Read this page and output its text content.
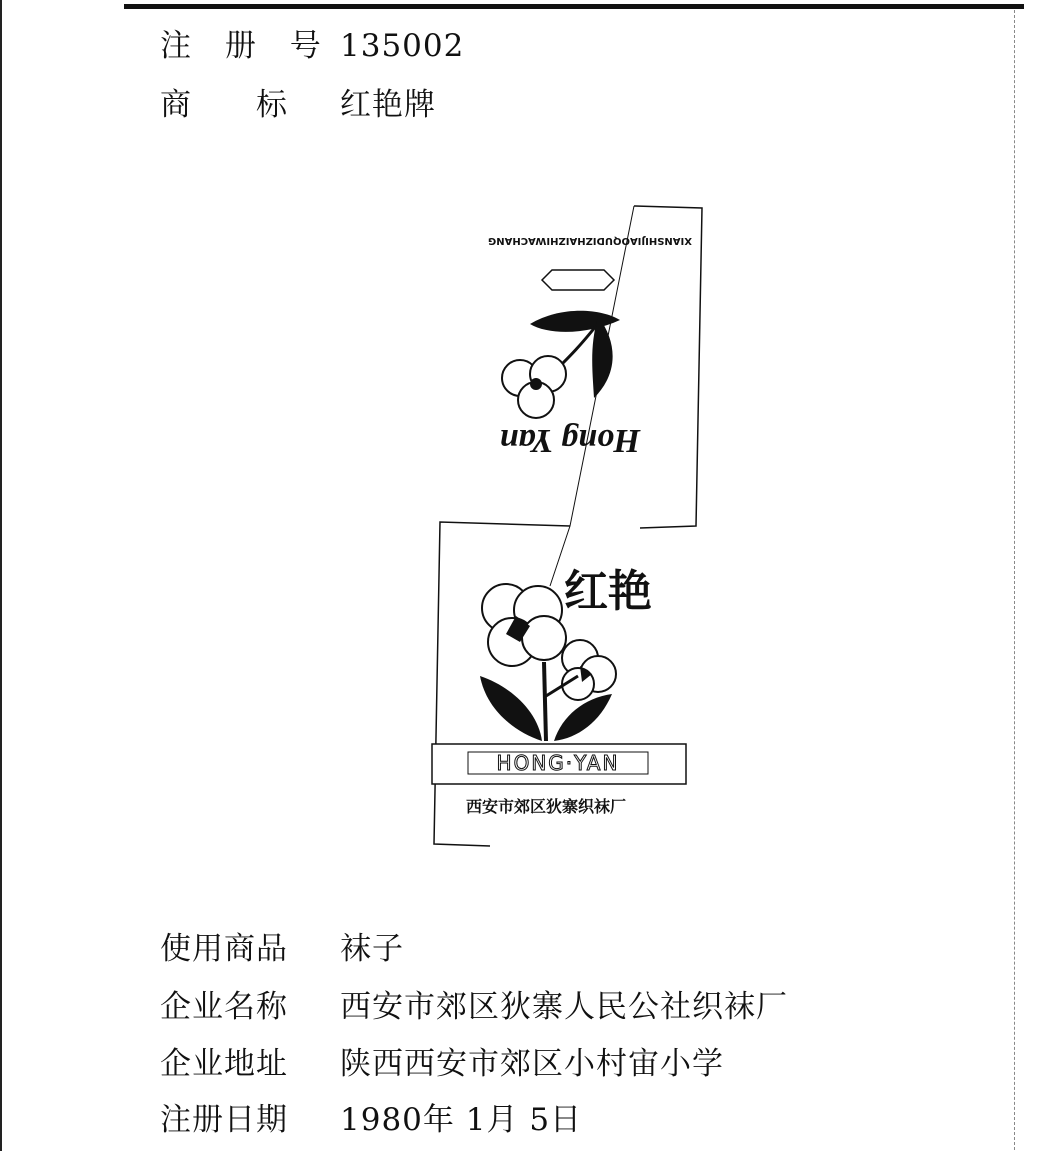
注 册 号 135002
商　　标 红艳牌
XIANSHIJIAOQUDIZHAIZHIWACHANG
Hong Yan
红艳
HONG·YAN
西安市郊区狄寨织袜厂
使用商品 袜子
企业名称 西安市郊区狄寨人民公社织袜厂
企业地址 陕西西安市郊区小村宙小学
注册日期 1980年 1月 5日
